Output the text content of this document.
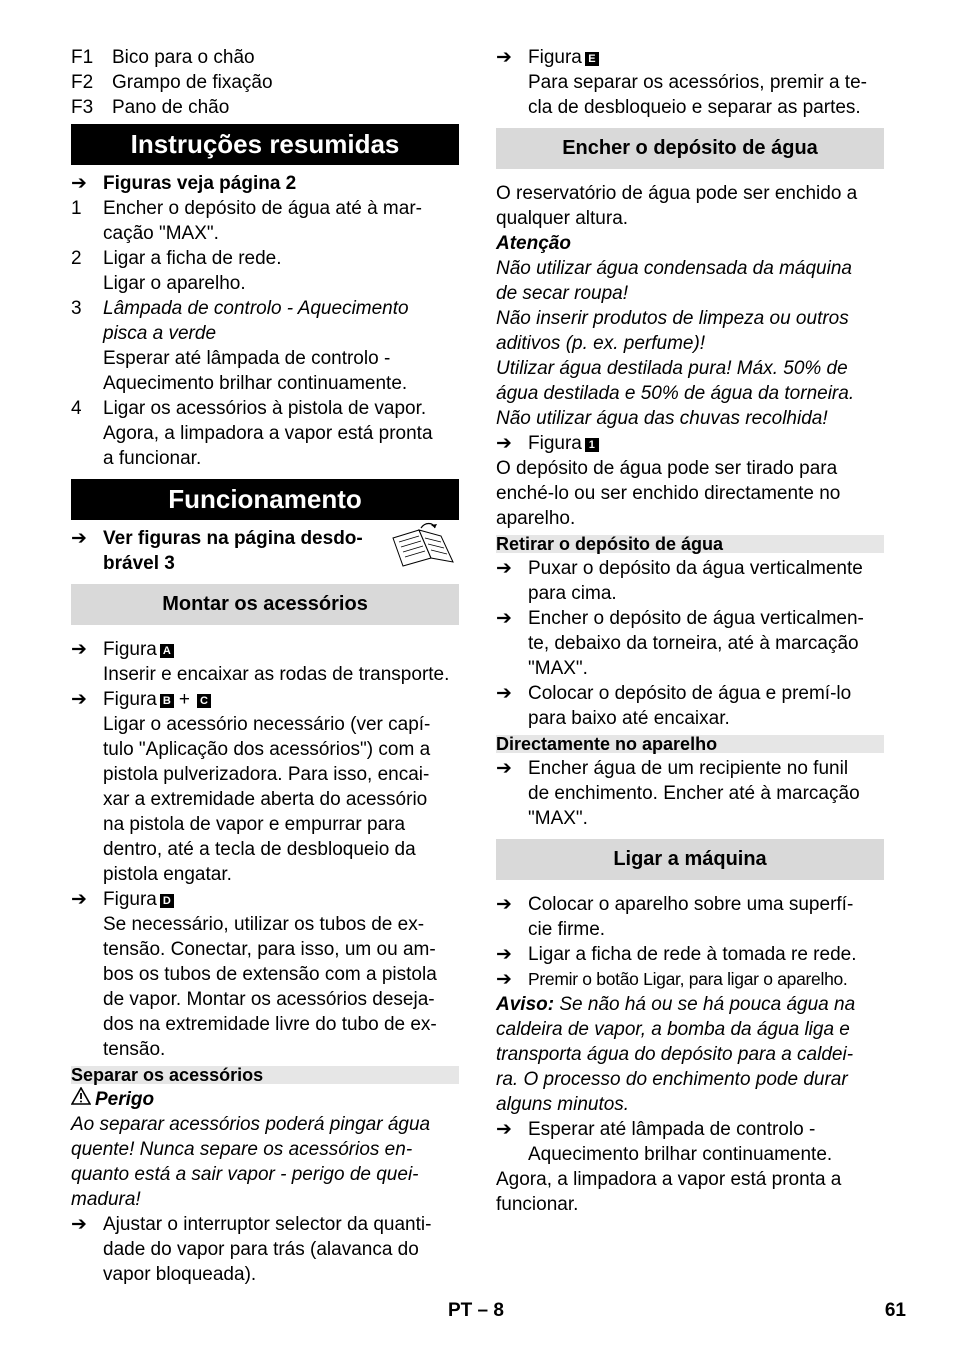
F1 Bico para o chão
F2 Grampo de fixação
F3 Pano de chão
Instruções resumidas
➔ Figuras veja página 2
1	Encher o depósito de água até à mar-
cação "MAX".
2	Ligar a ficha de rede.
Ligar o aparelho.
3	Lâmpada de controlo - Aquecimento
pisca a verde
Esperar até lâmpada de controlo -
Aquecimento brilhar continuamente.
4	Ligar os acessórios à pistola de vapor.
Agora, a limpadora a vapor está pronta
a funcionar.
Funcionamento
➔ Ver figuras na página desdo-
brável 3
Montar os acessórios
➔ Figura A
Inserir e encaixar as rodas de transporte.
➔ Figura B + C
Ligar o acessório necessário (ver capí-
tulo "Aplicação dos acessórios") com a
pistola pulverizadora. Para isso, encai-
xar a extremidade aberta do acessório
na pistola de vapor e empurrar para
dentro, até a tecla de desbloqueio da
pistola engatar.
➔ Figura D
Se necessário, utilizar os tubos de ex-
tensão. Conectar, para isso, um ou am-
bos os tubos de extensão com a pistola
de vapor. Montar os acessórios deseja-
dos na extremidade livre do tubo de ex-
tensão.
Separar os acessórios
Perigo
Ao separar acessórios poderá pingar água
quente! Nunca separe os acessórios en-
quanto está a sair vapor - perigo de quei-
madura!
➔ Ajustar o interruptor selector da quanti-
dade do vapor para trás (alavanca do
vapor bloqueada).
➔ Figura E
Para separar os acessórios, premir a te-
cla de desbloqueio e separar as partes.
Encher o depósito de água
O reservatório de água pode ser enchido a
qualquer altura.
Atenção
Não utilizar água condensada da máquina
de secar roupa!
Não inserir produtos de limpeza ou outros
aditivos (p. ex. perfume)!
Utilizar água destilada pura! Máx. 50% de
água destilada e 50% de água da torneira.
Não utilizar água das chuvas recolhida!
➔ Figura 1
O depósito de água pode ser tirado para
enché-lo ou ser enchido directamente no
aparelho.
Retirar o depósito de água
➔ Puxar o depósito da água verticalmente
para cima.
➔ Encher o depósito de água verticalmen-
te, debaixo da torneira, até à marcação
"MAX".
➔ Colocar o depósito de água e premí-lo
para baixo até encaixar.
Directamente no aparelho
➔ Encher água de um recipiente no funil
de enchimento. Encher até à marcação
"MAX".
Ligar a máquina
➔ Colocar o aparelho sobre uma superfí-
cie firme.
➔ Ligar a ficha de rede à tomada re rede.
➔ Premir o botão Ligar, para ligar o aparelho.
Aviso: Se não há ou se há pouca água na
caldeira de vapor, a bomba da água liga e
transporta água do depósito para a caldei-
ra. O processo do enchimento pode durar
alguns minutos.
➔ Esperar até lâmpada de controlo -
Aquecimento brilhar continuamente.
Agora, a limpadora a vapor está pronta a
funcionar.
PT – 8	61
